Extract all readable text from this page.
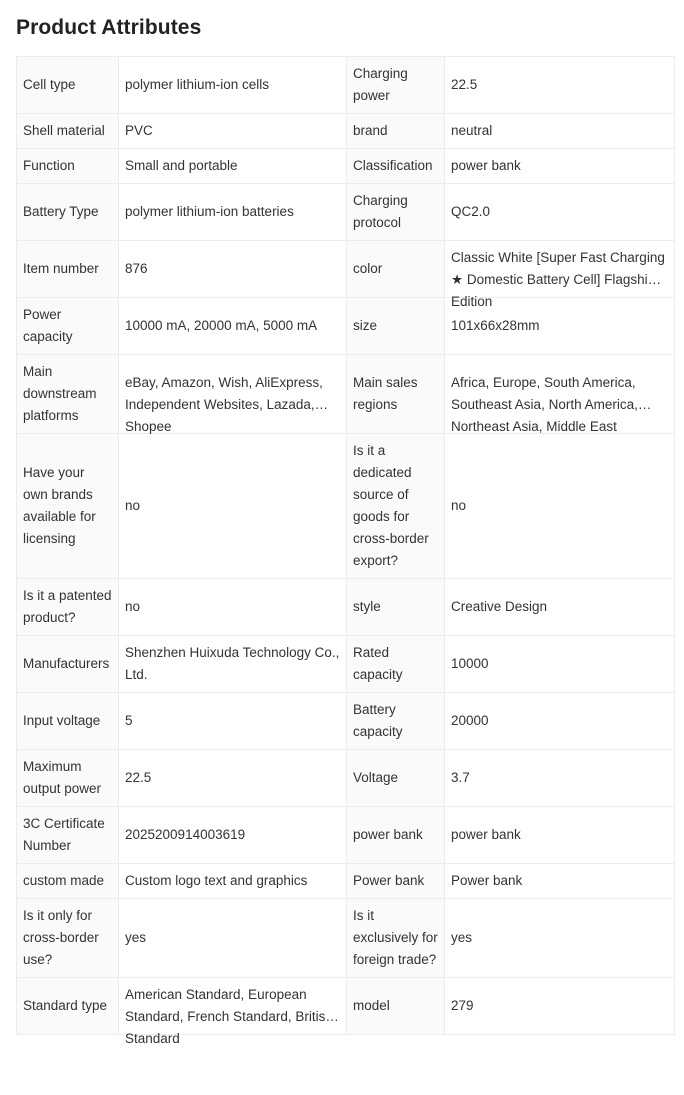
Product Attributes
Cell type	polymer lithium-ion cells	Charging power	22.5

Shell material	PVC	brand	neutral

Function	Small and portable	Classification	power bank

Battery Type	polymer lithium-ion batteries	Charging protocol	QC2.0

Item number	876	color	Classic White [Super Fast Charging ★ Domestic Battery Cell] Flagship Edition

Power capacity	10000 mA, 20000 mA, 5000 mA	size	101x66x28mm

Main downstream platforms	eBay, Amazon, Wish, AliExpress, Independent Websites, Lazada, Shopee	Main sales regions	Africa, Europe, South America, Southeast Asia, North America, Northeast Asia, Middle East

Have your own brands available for licensing	no	Is it a dedicated source of goods for cross-border export?	no

Is it a patented product?	no	style	Creative Design

Manufacturers	Shenzhen Huixuda Technology Co., Ltd.	Rated capacity	10000

Input voltage	5	Battery capacity	20000

Maximum output power	22.5	Voltage	3.7

3C Certificate Number	2025200914003619	power bank	power bank

custom made	Custom logo text and graphics	Power bank	Power bank

Is it only for cross-border use?	yes	Is it exclusively for foreign trade?	yes

Standard type	American Standard, European Standard, French Standard, British Standard	model	279
